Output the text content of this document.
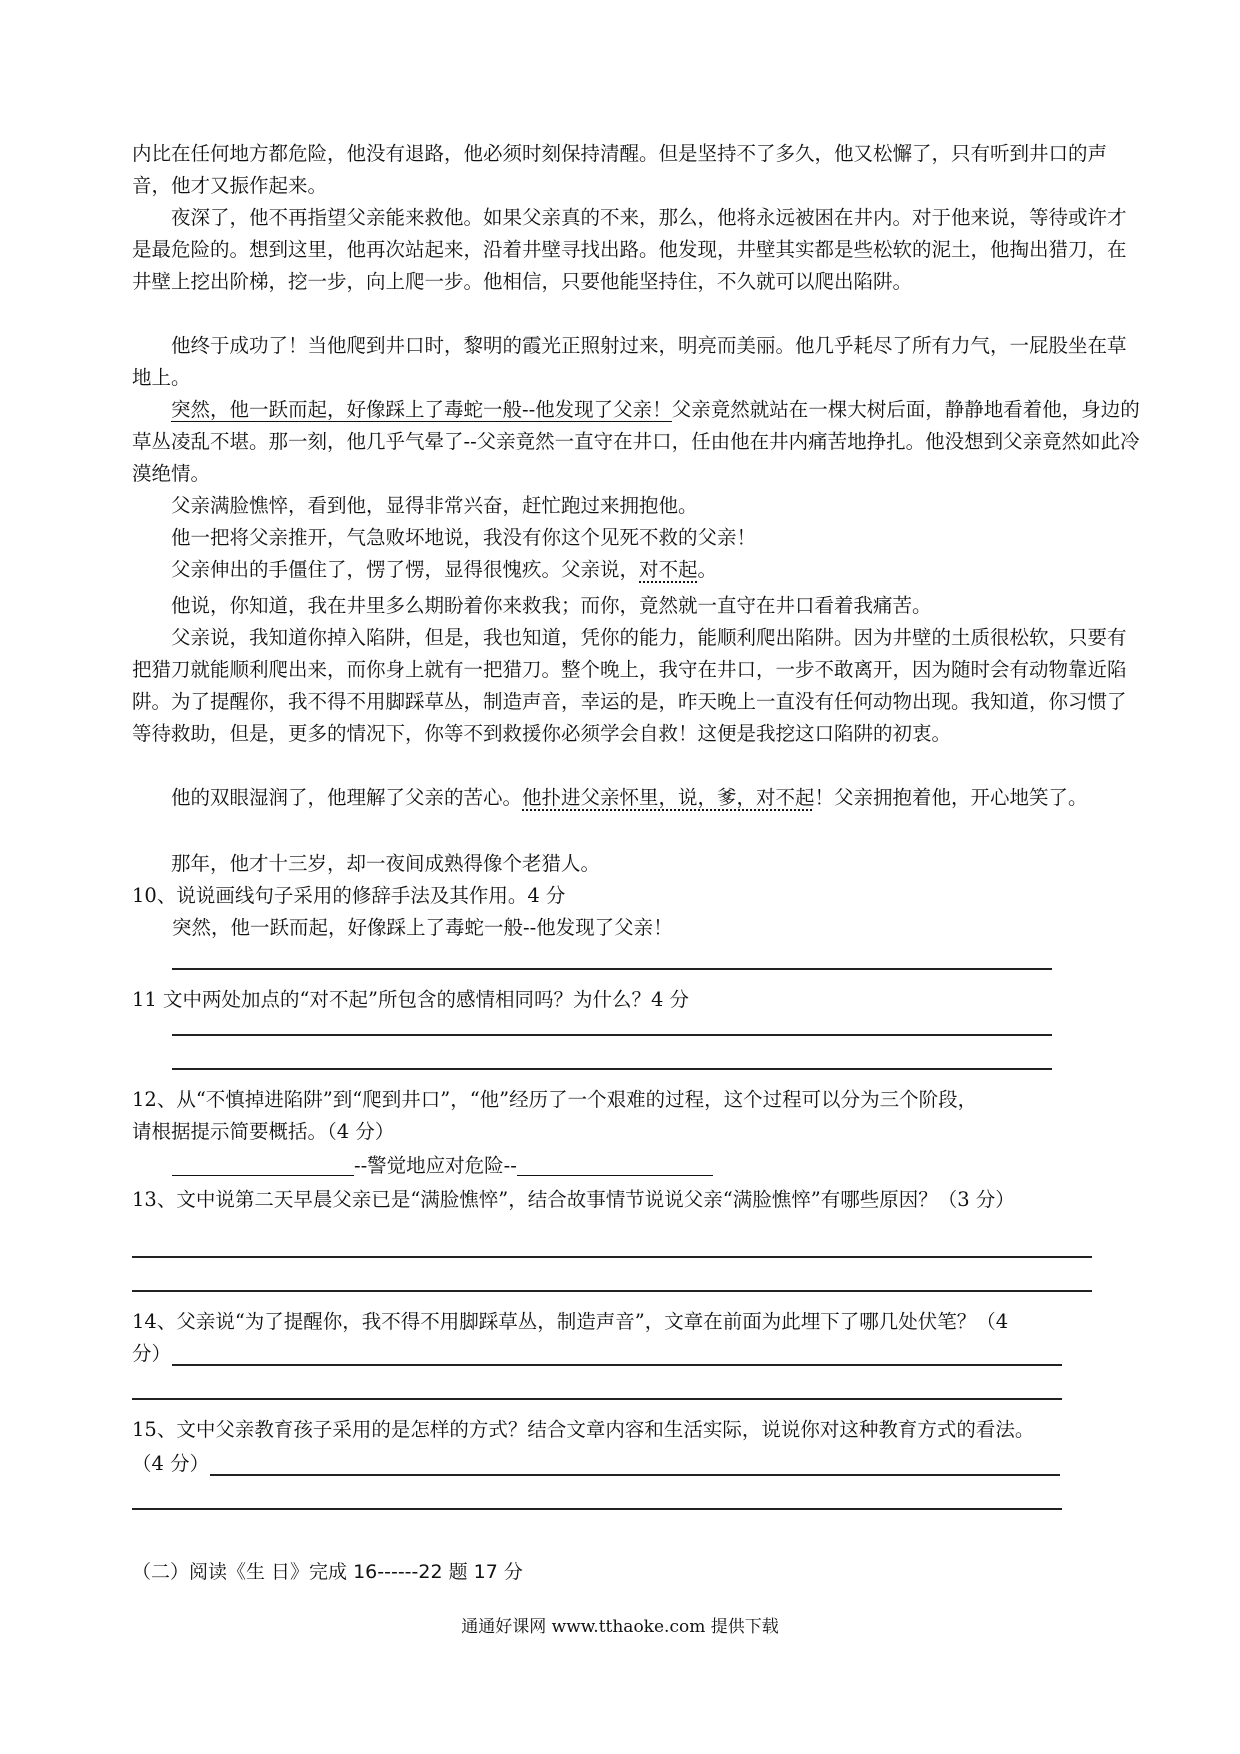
内比在任何地方都危险，他没有退路，他必须时刻保持清醒。但是坚持不了多久，他又松懈了，只有听到井口的声音，他才又振作起来。
夜深了，他不再指望父亲能来救他。如果父亲真的不来，那么，他将永远被困在井内。对于他来说，等待或许才是最危险的。想到这里，他再次站起来，沿着井壁寻找出路。他发现，井壁其实都是些松软的泥土，他掏出猎刀，在井壁上挖出阶梯，挖一步，向上爬一步。他相信，只要他能坚持住，不久就可以爬出陷阱。
他终于成功了！当他爬到井口时，黎明的霞光正照射过来，明亮而美丽。他几乎耗尽了所有力气，一屁股坐在草地上。
突然，他一跃而起，好像踩上了毒蛇一般--他发现了父亲！父亲竟然就站在一棵大树后面，静静地看着他，身边的草丛凌乱不堪。那一刻，他几乎气晕了--父亲竟然一直守在井口，任由他在井内痛苦地挣扎。他没想到父亲竟然如此冷漠绝情。
父亲满脸憔悴，看到他，显得非常兴奋，赶忙跑过来拥抱他。
他一把将父亲推开，气急败坏地说，我没有你这个见死不救的父亲！
父亲伸出的手僵住了，愣了愣，显得很愧疚。父亲说，对不起。
他说，你知道，我在井里多么期盼着你来救我；而你，竟然就一直守在井口看着我痛苦。
父亲说，我知道你掉入陷阱，但是，我也知道，凭你的能力，能顺利爬出陷阱。因为井壁的土质很松软，只要有把猎刀就能顺利爬出来，而你身上就有一把猎刀。整个晚上，我守在井口，一步不敢离开，因为随时会有动物靠近陷阱。为了提醒你，我不得不用脚踩草丛，制造声音，幸运的是，昨天晚上一直没有任何动物出现。我知道，你习惯了等待救助，但是，更多的情况下，你等不到救援你必须学会自救！这便是我挖这口陷阱的初衷。
他的双眼湿润了，他理解了父亲的苦心。他扑进父亲怀里，说，爹，对不起！父亲拥抱着他，开心地笑了。
那年，他才十三岁，却一夜间成熟得像个老猎人。
10、说说画线句子采用的修辞手法及其作用。4 分
突然，他一跃而起，好像踩上了毒蛇一般--他发现了父亲！
11 文中两处加点的“对不起”所包含的感情相同吗？为什么？4 分
12、从“不慎掉进陷阱”到“爬到井口”，“他”经历了一个艰难的过程，这个过程可以分为三个阶段，
请根据提示简要概括。（4 分）
--警觉地应对危险--
13、文中说第二天早晨父亲已是“满脸憔悴”，结合故事情节说说父亲“满脸憔悴”有哪些原因？（3 分）
14、父亲说“为了提醒你，我不得不用脚踩草丛，制造声音”，文章在前面为此埋下了哪几处伏笔？（4
分）
15、文中父亲教育孩子采用的是怎样的方式？结合文章内容和生活实际，说说你对这种教育方式的看法。
（4 分）
（二）阅读《生 日》完成 16------22 题 17 分
通通好课网 www.tthaoke.com 提供下载
